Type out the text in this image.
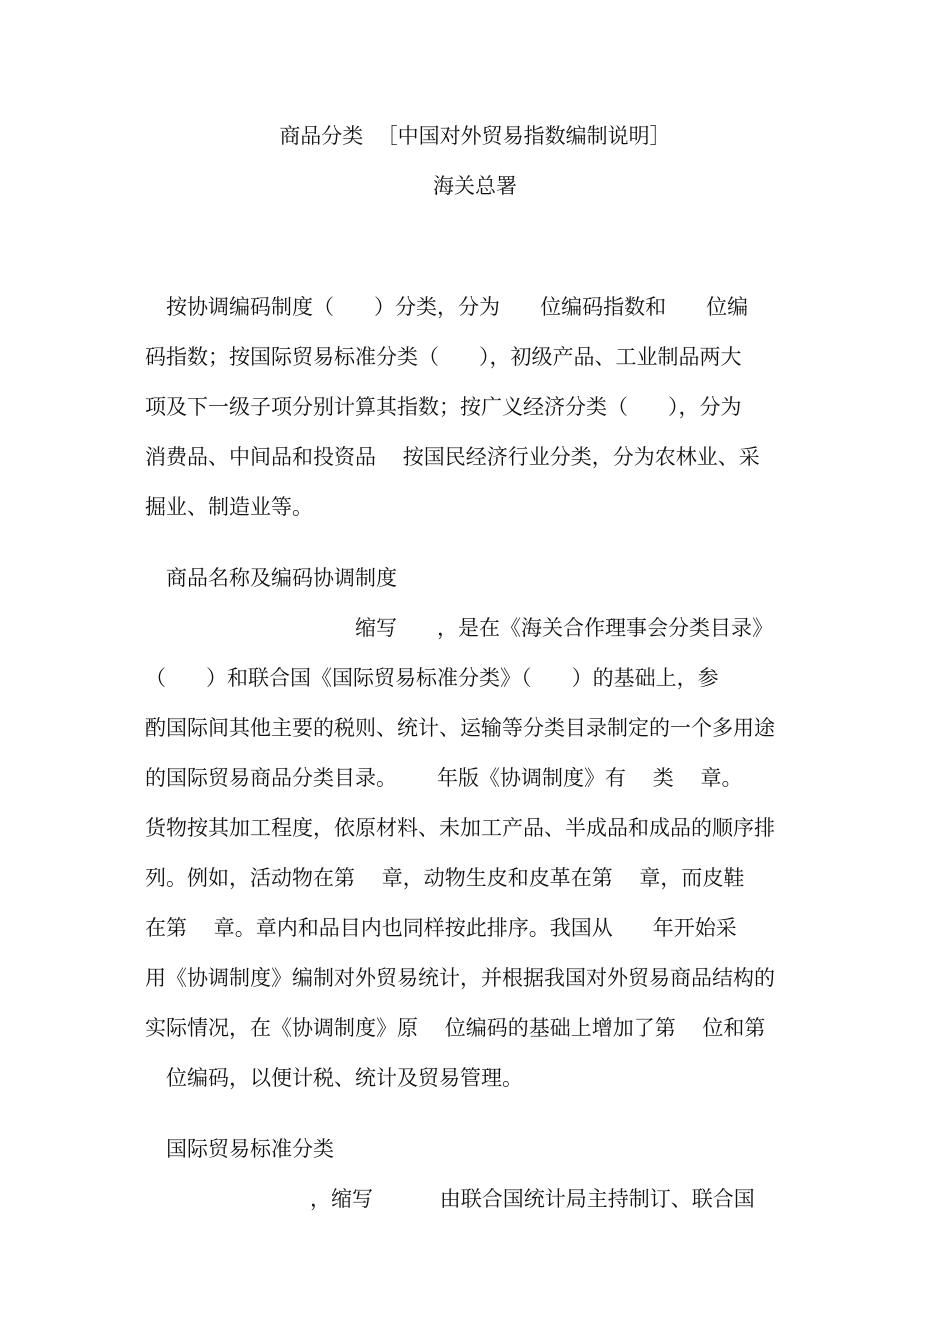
商品分类  ［中国对外贸易指数编制说明］
海关总署
按协调编码制度（      ）分类，分为      位编码指数和      位编
码指数；按国际贸易标准分类（      ），初级产品、工业制品两大
项及下一级子项分别计算其指数；按广义经济分类（      ），分为
消费品、中间品和投资品    按国民经济行业分类，分为农林业、采
掘业、制造业等。
商品名称及编码协调制度
缩写      ，是在《海关合作理事会分类目录》
（      ）和联合国《国际贸易标准分类》（      ）的基础上，参
酌国际间其他主要的税则、统计、运输等分类目录制定的一个多用途
的国际贸易商品分类目录。      年版《协调制度》有    类    章。
货物按其加工程度，依原材料、未加工产品、半成品和成品的顺序排
列。例如，活动物在第    章，动物生皮和皮革在第    章，而皮鞋
在第    章。章内和品目内也同样按此排序。我国从      年开始采
用《协调制度》编制对外贸易统计，并根据我国对外贸易商品结构的
实际情况，在《协调制度》原    位编码的基础上增加了第    位和第
位编码，以便计税、统计及贸易管理。
国际贸易标准分类
，缩写          由联合国统计局主持制订、联合国
